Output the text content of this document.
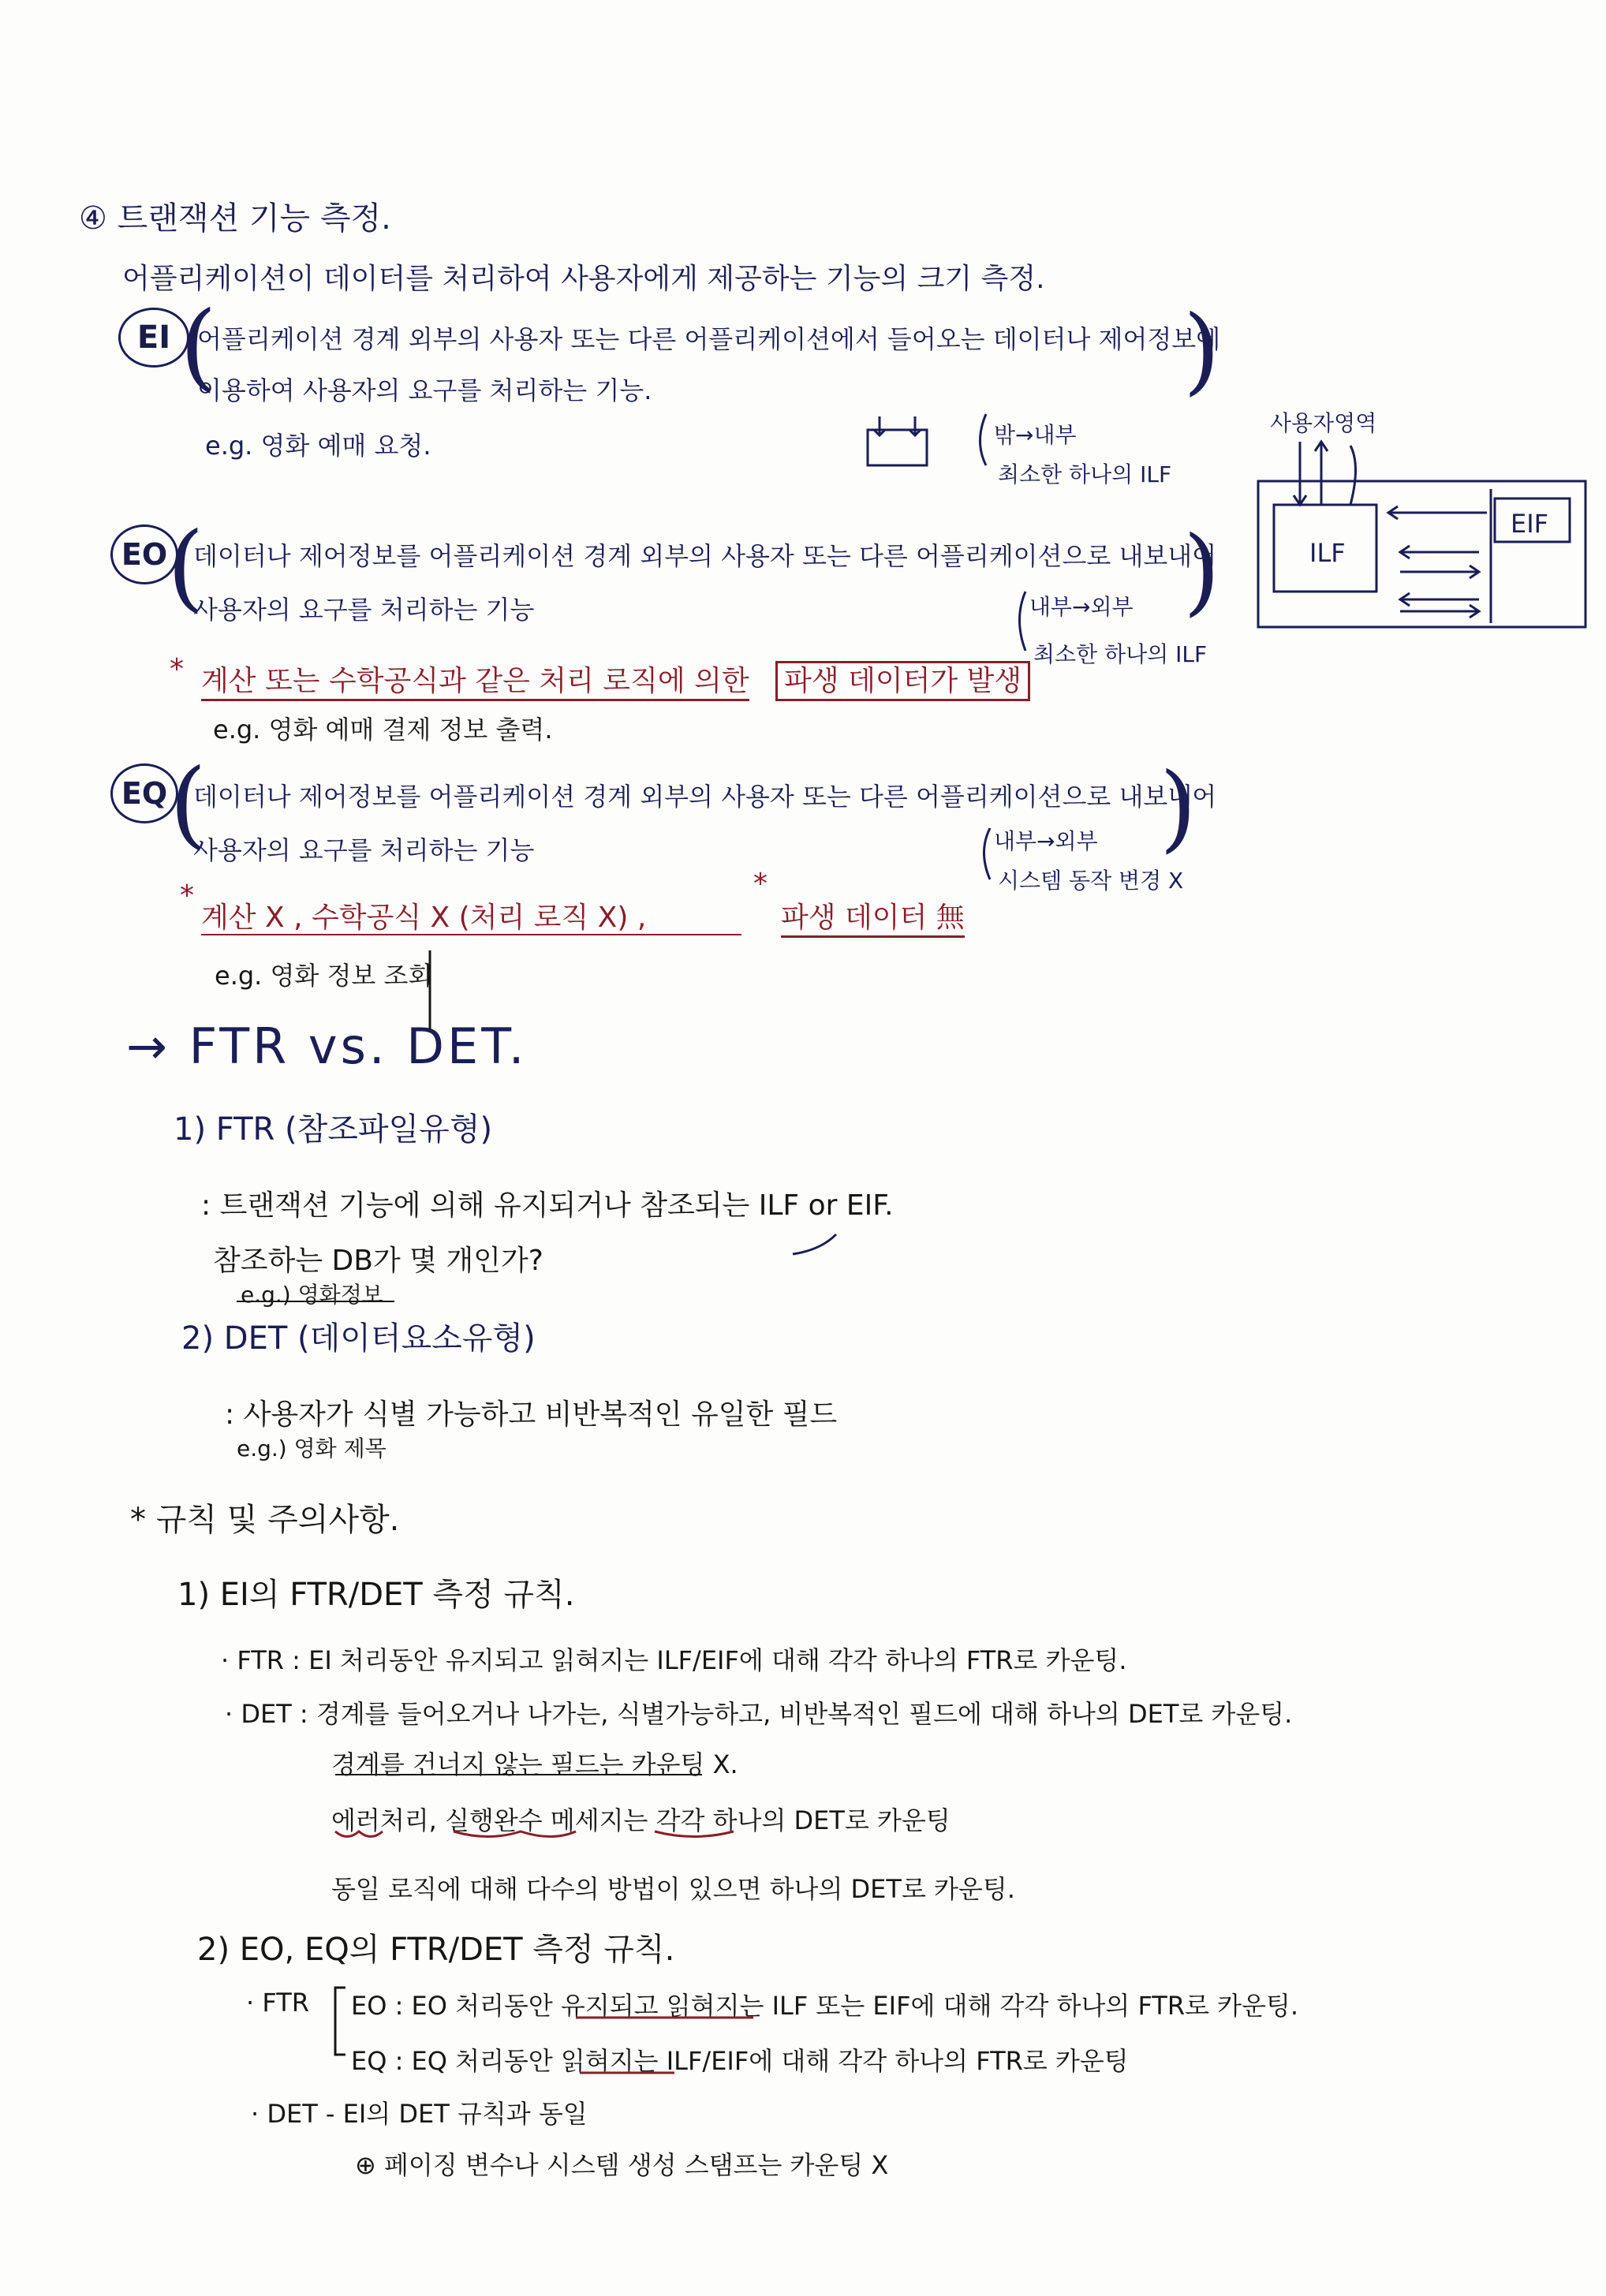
④ 트랜잭션 기능 측정.
어플리케이션이 데이터를 처리하여 사용자에게 제공하는 기능의 크기 측정.
EI (
어플리케이션 경계 외부의 사용자 또는 다른 어플리케이션에서 들어오는 데이터나 제어정보에
)
이용하여 사용자의 요구를 처리하는 기능.
e.g. 영화 예매 요청.	밖→내부
최소한 하나의 ILF
EO (
데이터나 제어정보를 어플리케이션 경계 외부의 사용자 또는 다른 어플리케이션으로 내보내어
)
사용자의 요구를 처리하는 기능	내부→외부
최소한 하나의 ILF
* 계산 또는 수학공식과 같은 처리 로직에 의한 파생 데이터가 발생
e.g. 영화 예매 결제 정보 출력.
EQ (
데이터나 제어정보를 어플리케이션 경계 외부의 사용자 또는 다른 어플리케이션으로 내보내어
)
사용자의 요구를 처리하는 기능	내부→외부
시스템 동작 변경 X
*
계산 X , 수학공식 X (처리 로직 X) ,
*
파생 데이터 無
e.g. 영화 정보 조회
→ FTR vs. DET.
1) FTR (참조파일유형)
: 트랜잭션 기능에 의해 유지되거나 참조되는 ILF or EIF.
참조하는 DB가 몇 개인가?
e.g.) 영화정보
2) DET (데이터요소유형)
: 사용자가 식별 가능하고 비반복적인 유일한 필드
e.g.) 영화 제목
* 규칙 및 주의사항.
1) EI의 FTR/DET 측정 규칙.
· FTR : EI 처리동안 유지되고 읽혀지는 ILF/EIF에 대해 각각 하나의 FTR로 카운팅.
· DET : 경계를 들어오거나 나가는, 식별가능하고, 비반복적인 필드에 대해 하나의 DET로 카운팅.
경계를 건너지 않는 필드는 카운팅 X.
에러처리, 실행완수 메세지는 각각 하나의 DET로 카운팅
동일 로직에 대해 다수의 방법이 있으면 하나의 DET로 카운팅.
2) EO, EQ의 FTR/DET 측정 규칙.
· FTR EO : EO 처리동안 유지되고 읽혀지는 ILF 또는 EIF에 대해 각각 하나의 FTR로 카운팅.
EQ : EQ 처리동안 읽혀지는 ILF/EIF에 대해 각각 하나의 FTR로 카운팅
· DET - EI의 DET 규칙과 동일
⊕ 페이징 변수나 시스템 생성 스탬프는 카운팅 X
사용자영역
ILF
EIF
